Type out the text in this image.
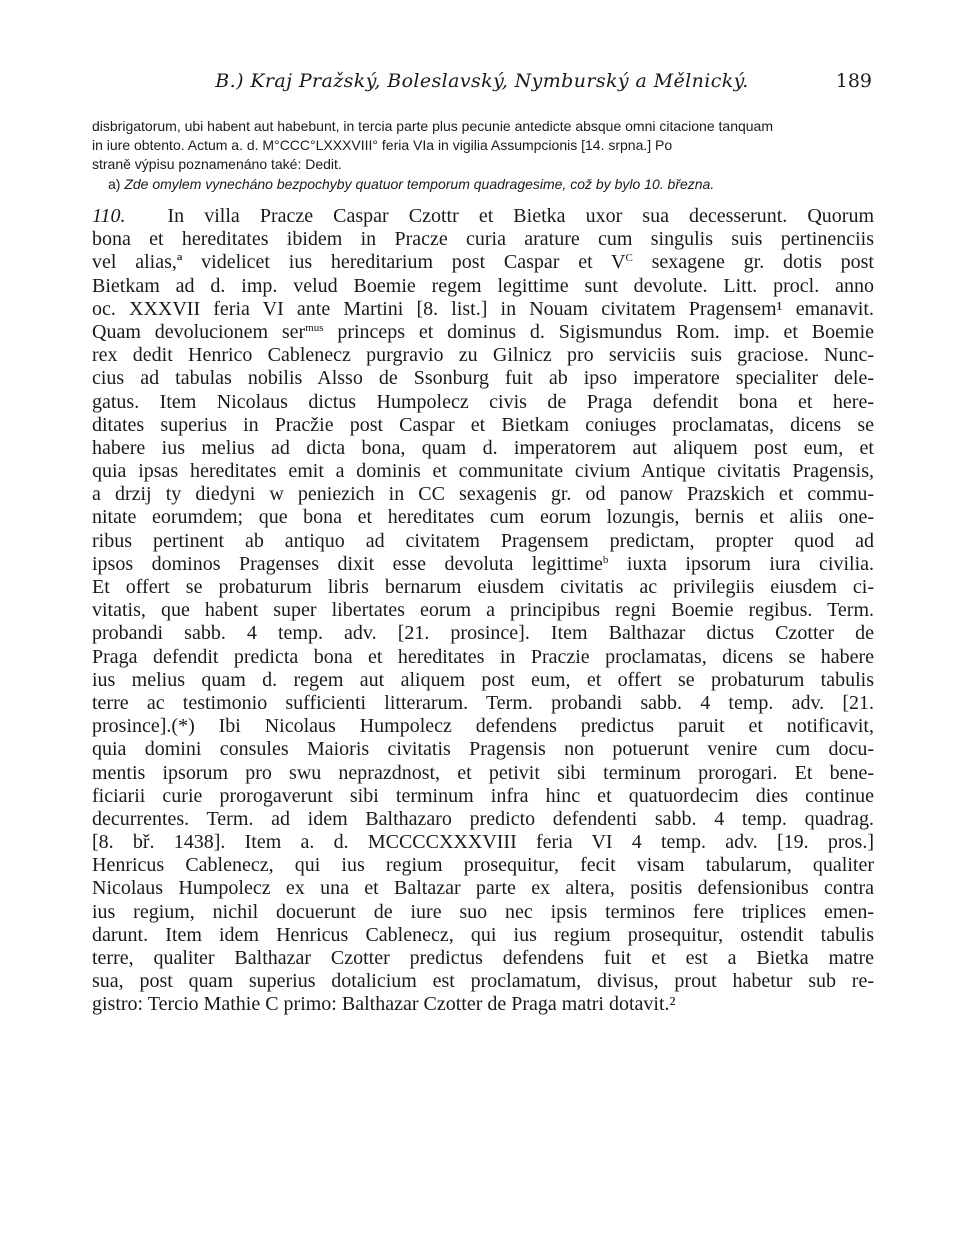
B.) Kraj Pražský, Boleslavský, Nymburský a Mělnický.	189
disbrigatorum, ubi habent aut habebunt, in tercia parte plus pecunie antedicte absque omni citacione tanquam
in iure obtento. Actum a. d. M°CCC°LXXXVIII° feria VIa in vigilia Assumpcionis [14. srpna.] Po
straně výpisu poznamenáno také: Dedit.
a) Zde omylem vynecháno bezpochyby quatuor temporum quadragesime, což by bylo 10. března.
110. In villa Pracze Caspar Czottr et Bietka uxor sua decesserunt. Quorum
bona et hereditates ibidem in Pracze curia arature cum singulis suis pertinenciis
vel alias,ª videlicet ius hereditarium post Caspar et $V^C$ sexagene gr. dotis post
Bietkam ad d. imp. velud Boemie regem legittime sunt devolute. Litt. procl. anno
oc. XXXVII feria VI ante Martini [8. list.] in Nouam civitatem Pragensem¹ emanavit.
Quam devolucionem ser$^{mus}$ princeps et dominus d. Sigismundus Rom. imp. et Boemie
rex dedit Henrico Cablenecz purgravio zu Gilnicz pro serviciis suis graciose. Nunc-
cius ad tabulas nobilis Alsso de Ssonburg fuit ab ipso imperatore specialiter dele-
gatus. Item Nicolaus dictus Humpolecz civis de Praga defendit bona et here-
ditates superius in Pracžie post Caspar et Bietkam coniuges proclamatas, dicens se
habere ius melius ad dicta bona, quam d. imperatorem aut aliquem post eum, et
quia ipsas hereditates emit a dominis et communitate civium Antique civitatis Pragensis,
a drzij ty diedyni w peniezich in CC sexagenis gr. od panow Prazskich et commu-
nitate eorumdem; que bona et hereditates cum eorum lozungis, bernis et aliis one-
ribus pertinent ab antiquo ad civitatem Pragensem predictam, propter quod ad
ipsos dominos Pragenses dixit esse devoluta legittime$^b$ iuxta ipsorum iura civilia.
Et offert se probaturum libris bernarum eiusdem civitatis ac privilegiis eiusdem ci-
vitatis, que habent super libertates eorum a principibus regni Boemie regibus. Term.
probandi sabb. 4 temp. adv. [21. prosince]. Item Balthazar dictus Czotter de
Praga defendit predicta bona et hereditates in Praczie proclamatas, dicens se habere
ius melius quam d. regem aut aliquem post eum, et offert se probaturum tabulis
terre ac testimonio sufficienti litterarum. Term. probandi sabb. 4 temp. adv. [21.
prosince].(*) Ibi Nicolaus Humpolecz defendens predictus paruit et notificavit,
quia domini consules Maioris civitatis Pragensis non potuerunt venire cum docu-
mentis ipsorum pro swu neprazdnost, et petivit sibi terminum prorogari. Et bene-
ficiarii curie prorogaverunt sibi terminum infra hinc et quatuordecim dies continue
decurrentes. Term. ad idem Balthazaro predicto defendenti sabb. 4 temp. quadrag.
[8. bř. 1438]. Item a. d. MCCCCXXXVIII feria VI 4 temp. adv. [19. pros.]
Henricus Cablenecz, qui ius regium prosequitur, fecit visam tabularum, qualiter
Nicolaus Humpolecz ex una et Baltazar parte ex altera, positis defensionibus contra
ius regium, nichil docuerunt de iure suo nec ipsis terminos fere triplices emen-
darunt. Item idem Henricus Cablenecz, qui ius regium prosequitur, ostendit tabulis
terre, qualiter Balthazar Czotter predictus defendens fuit et est a Bietka matre
sua, post quam superius dotalicium est proclamatum, divisus, prout habetur sub re-
gistro: Tercio Mathie C primo: Balthazar Czotter de Praga matri dotavit.²
